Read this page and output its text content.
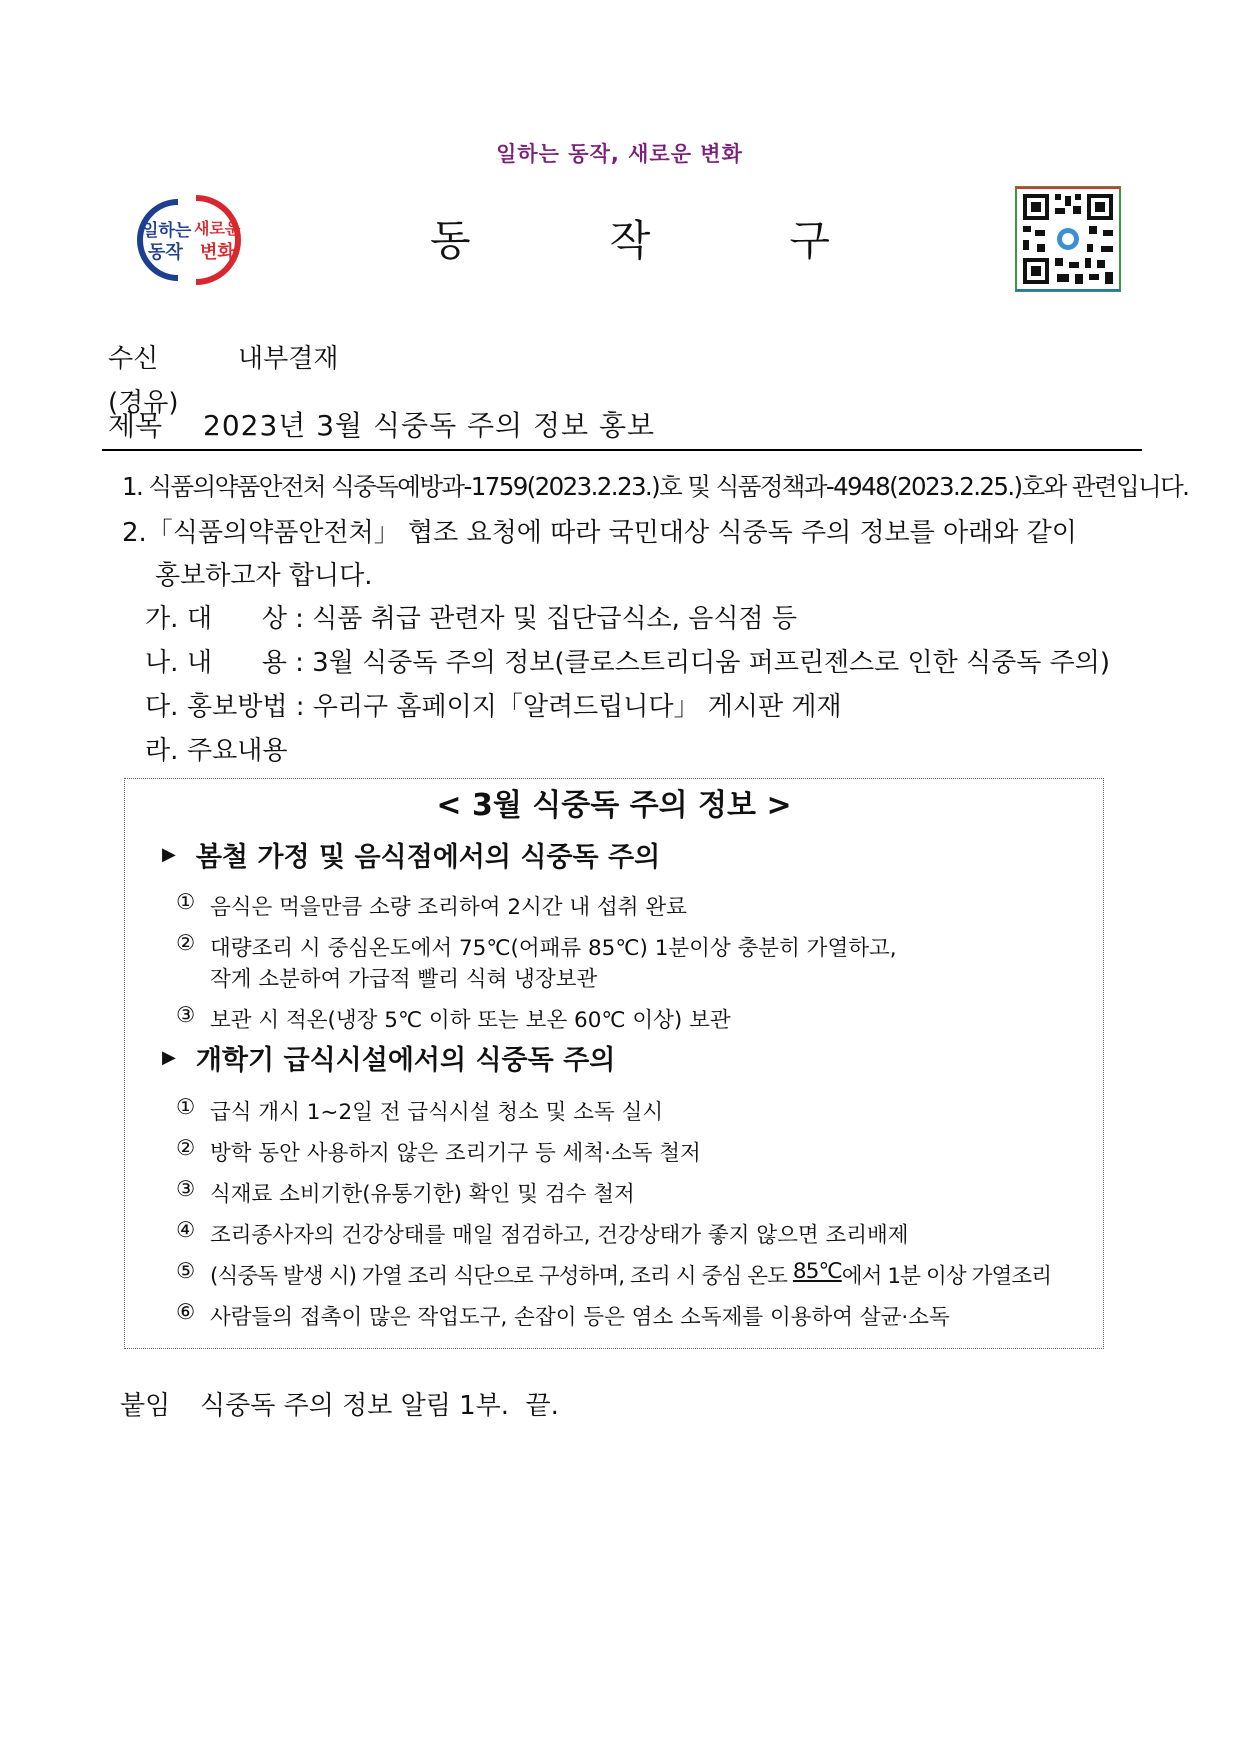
일하는 동작, 새로운 변화
일하는
동작
새로운
변화	동	작	구
수신	내부결재
(경유)
제목	2023년 3월 식중독 주의 정보 홍보
1. 식품의약품안전처 식중독예방과-1759(2023.2.23.)호 및 식품정책과-4948(2023.2.25.)호와 관련입니다.
2.「식품의약품안전처」 협조 요청에 따라 국민대상 식중독 주의 정보를 아래와 같이
홍보하고자 합니다.
가. 대      상 : 식품 취급 관련자 및 집단급식소, 음식점 등
나. 내      용 : 3월 식중독 주의 정보(클로스트리디움 퍼프린젠스로 인한 식중독 주의)
다. 홍보방법 : 우리구 홈페이지「알려드립니다」 게시판 게재
라. 주요내용
< 3월 식중독 주의 정보 >
▶ 봄철 가정 및 음식점에서의 식중독 주의
① 음식은 먹을만큼 소량 조리하여 2시간 내 섭취 완료
② 대량조리 시 중심온도에서 75℃(어패류 85℃) 1분이상 충분히 가열하고,
작게 소분하여 가급적 빨리 식혀 냉장보관
③ 보관 시 적온(냉장 5℃ 이하 또는 보온 60℃ 이상) 보관
▶ 개학기 급식시설에서의 식중독 주의
① 급식 개시 1~2일 전 급식시설 청소 및 소독 실시
② 방학 동안 사용하지 않은 조리기구 등 세척·소독 철저
③ 식재료 소비기한(유통기한) 확인 및 검수 철저
④ 조리종사자의 건강상태를 매일 점검하고, 건강상태가 좋지 않으면 조리배제
⑤ (식중독 발생 시) 가열 조리 식단으로 구성하며, 조리 시 중심 온도 85℃ 에서 1분 이상 가열조리
⑥ 사람들의 접촉이 많은 작업도구, 손잡이 등은 염소 소독제를 이용하여 살균·소독
붙임	식중독 주의 정보 알림 1부.  끝.
